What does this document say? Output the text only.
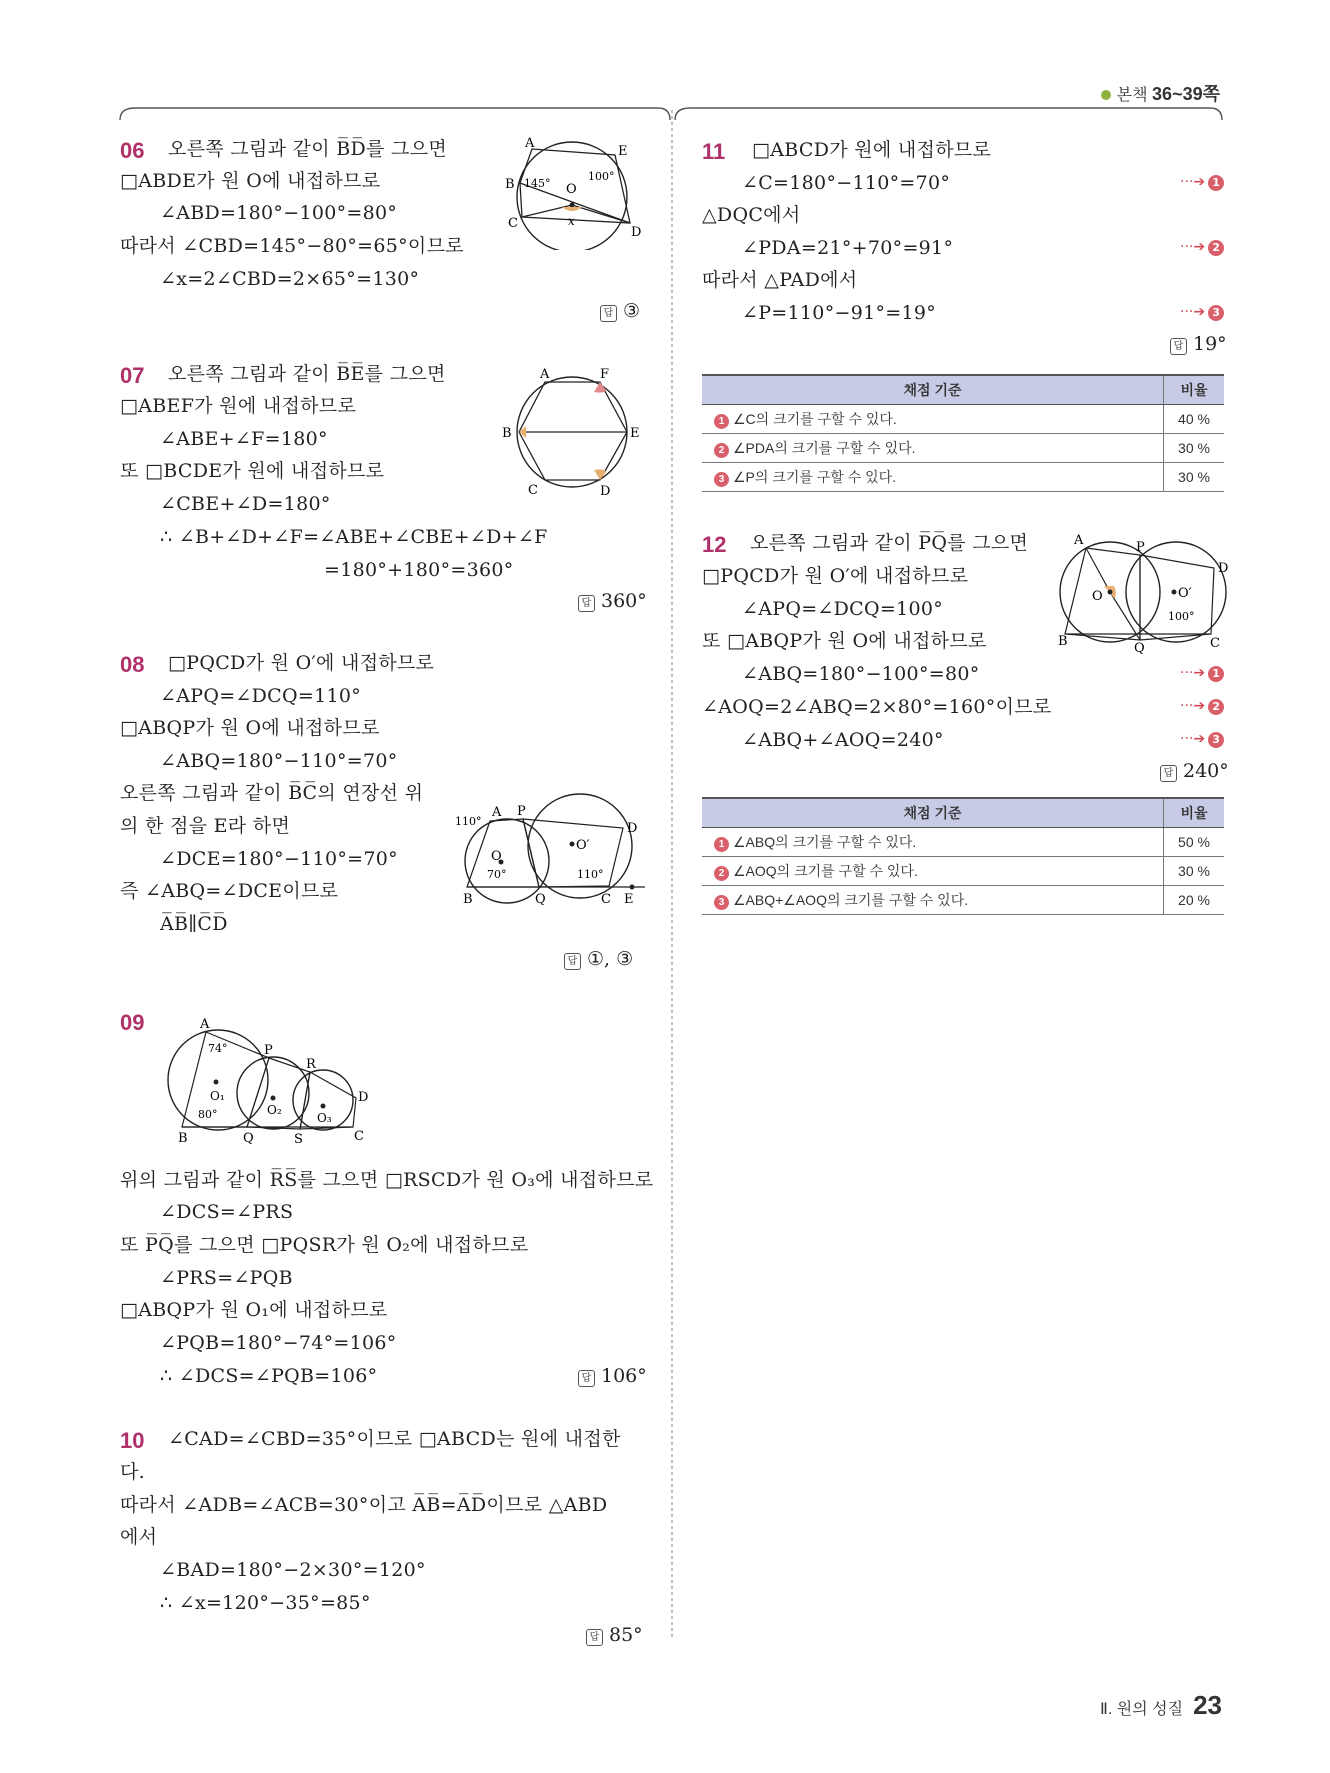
본책 36~39쪽
06 오른쪽 그림과 같이 B̅D̅를 그으면
□ABDE가 원 O에 내접하므로
∠ABD=180°−100°=80°
따라서 ∠CBD=145°−80°=65°이므로
∠x=2∠CBD=2×65°=130°
답 ③
A
E
B
C
D
O
x
145°
100°
07 오른쪽 그림과 같이 B̅E̅를 그으면
□ABEF가 원에 내접하므로
∠ABE+∠F=180°
또 □BCDE가 원에 내접하므로
∠CBE+∠D=180°
∴ ∠B+∠D+∠F=∠ABE+∠CBE+∠D+∠F
=180°+180°=360°
답 360°
A	F
B	E
C	D
08 □PQCD가 원 O′에 내접하므로
∠APQ=∠DCQ=110°
□ABQP가 원 O에 내접하므로
∠ABQ=180°−110°=70°
오른쪽 그림과 같이 B̅C̅의 연장선 위
의 한 점을 E라 하면
∠DCE=180°−110°=70°
즉 ∠ABQ=∠DCE이므로
A̅B̅∥C̅D̅
답 ①, ③
A P
D
B	Q	C E
O
O′
110°
70°	110°
09	A
P
R
D
B	Q	S	C
O₁
O₂
O₃
74°
80°
위의 그림과 같이 R̅S̅를 그으면 □RSCD가 원 O₃에 내접하므로
∠DCS=∠PRS
또 P̅Q̅를 그으면 □PQSR가 원 O₂에 내접하므로
∠PRS=∠PQB
□ABQP가 원 O₁에 내접하므로
∠PQB=180°−74°=106°
∴ ∠DCS=∠PQB=106°	답 106°
10 ∠CAD=∠CBD=35°이므로 □ABCD는 원에 내접한
다.
따라서 ∠ADB=∠ACB=30°이고 A̅B̅=A̅D̅이므로 △ABD
에서
∠BAD=180°−2×30°=120°
∴ ∠x=120°−35°=85°
답 85°
11 □ABCD가 원에 내접하므로
∠C=180°−110°=70°	···➔ 1
△DQC에서
∠PDA=21°+70°=91°	···➔ 2
따라서 △PAD에서
∠P=110°−91°=19°	···➔ 3
답 19°
채점 기준	비율
1 ∠C의 크기를 구할 수 있다.	40 %
2 ∠PDA의 크기를 구할 수 있다.	30 %
3 ∠P의 크기를 구할 수 있다.	30 %
12 오른쪽 그림과 같이 P̅Q̅를 그으면
□PQCD가 원 O′에 내접하므로
∠APQ=∠DCQ=100°
또 □ABQP가 원 O에 내접하므로
∠ABQ=180°−100°=80°	···➔ 1
∠AOQ=2∠ABQ=2×80°=160°이므로	···➔ 2
∠ABQ+∠AOQ=240°	···➔ 3
답 240°
A	P
D
B	Q	C
O	O′
100°
채점 기준	비율
1 ∠ABQ의 크기를 구할 수 있다.	50 %
2 ∠AOQ의 크기를 구할 수 있다.	30 %
3 ∠ABQ+∠AOQ의 크기를 구할 수 있다.	20 %
Ⅱ. 원의 성질 23
